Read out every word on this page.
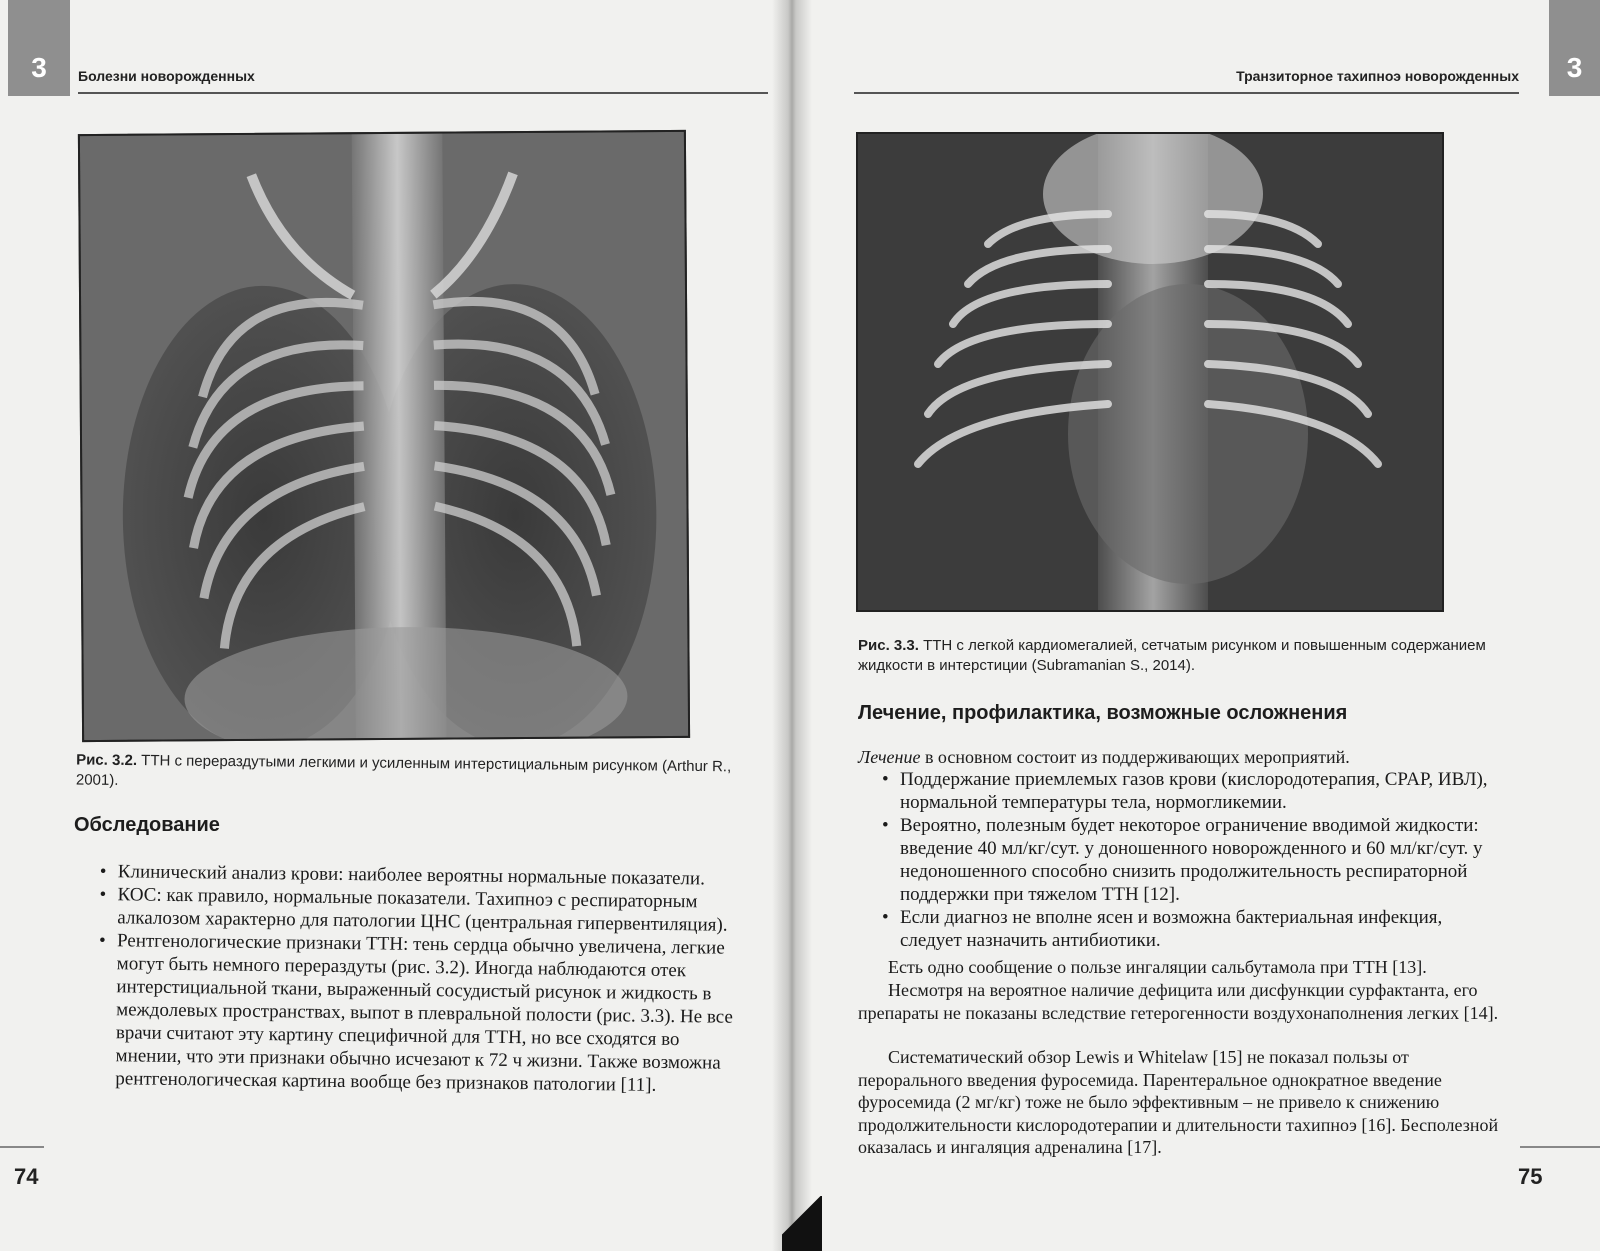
3	Болезни новорожденных
Рис. 3.2. ТТН с перераздутыми легкими и усиленным интерстициальным рисунком (Arthur R., 2001).
Обследование
• Клинический анализ крови: наиболее вероятны нормальные показатели.
• КОС: как правило, нормальные показатели. Тахипноэ с респираторным алкалозом характерно для патологии ЦНС (центральная гипервентиляция).
• Рентгенологические признаки ТТН: тень сердца обычно увеличена, легкие могут быть немного перераздуты (рис. 3.2). Иногда наблюдаются отек интерстициальной ткани, выраженный сосудистый рисунок и жидкость в междолевых пространствах, выпот в плевральной полости (рис. 3.3). Не все врачи считают эту картину специфичной для ТТН, но все сходятся во мнении, что эти признаки обычно исчезают к 72 ч жизни. Также возможна рентгенологическая картина вообще без признаков патологии [11].
74
Транзиторное тахипноэ новорожденных	3
Рис. 3.3. ТТН с легкой кардиомегалией, сетчатым рисунком и повышенным содержанием жидкости в интерстиции (Subramanian S., 2014).
Лечение, профилактика, возможные осложнения

Лечение в основном состоит из поддерживающих мероприятий.

• Поддержание приемлемых газов крови (кислородотерапия, CPAP, ИВЛ), нормальной температуры тела, нормогликемии.
• Вероятно, полезным будет некоторое ограничение вводимой жидкости: введение 40 мл/кг/сут. у доношенного новорожденного и 60 мл/кг/сут. у недоношенного способно снизить продолжительность респираторной поддержки при тяжелом ТТН [12].
• Если диагноз не вполне ясен и возможна бактериальная инфекция, следует назначить антибиотики.

Есть одно сообщение о пользе ингаляции сальбутамола при ТТН [13].

Несмотря на вероятное наличие дефицита или дисфункции сурфактанта, его препараты не показаны вследствие гетерогенности воздухонаполнения легких [14].

Систематический обзор Lewis и Whitelaw [15] не показал пользы от перорального введения фуросемида. Парентеральное однократное введение фуросемида (2 мг/кг) тоже не было эффективным – не привело к снижению продолжительности кислородотерапии и длительности тахипноэ [16]. Бесполезной оказалась и ингаляция адреналина [17].

75
